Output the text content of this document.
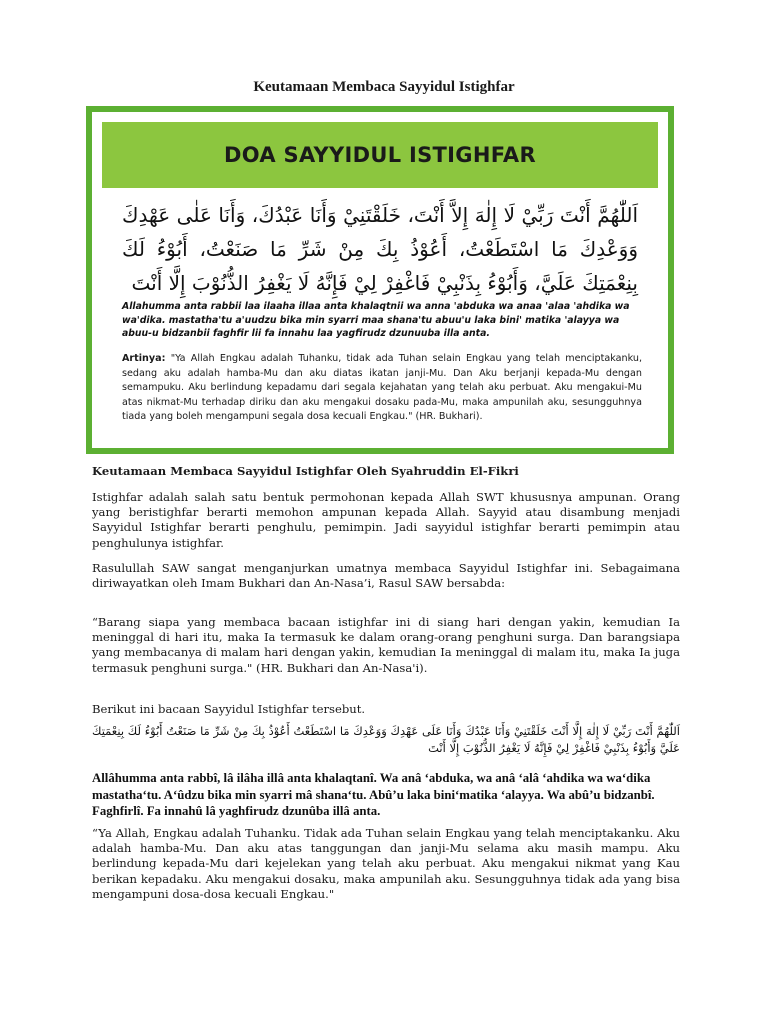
Keutamaan Membaca Sayyidul Istighfar
DOA SAYYIDUL ISTIGHFAR
اَللّٰهُمَّ أَنْتَ رَبِّيْ لَا إِلٰهَ إِلاَّ أَنْتَ، خَلَقْتَنِيْ وَأَنَا عَبْدُكَ، وَأَنَا عَلٰى عَهْدِكَ وَوَعْدِكَ مَا اسْتَطَعْتُ، أَعُوْذُ بِكَ مِنْ شَرِّ مَا صَنَعْتُ، أَبُوْءُ لَكَ بِنِعْمَتِكَ عَلَيَّ، وَأَبُوْءُ بِذَنْبِيْ فَاغْفِرْ لِيْ فَإِنَّهُ لَا يَغْفِرُ الذُّنُوْبَ إِلَّا أَنْتَ
Allahumma anta rabbii laa ilaaha illaa anta khalaqtnii wa anna 'abduka wa anaa 'alaa 'ahdika wa wa'dika. mastatha'tu a'uudzu bika min syarri maa shana'tu abuu'u laka bini' matika 'alayya wa abuu-u bidzanbii faghfir lii fa innahu laa yagfirudz dzunuuba illa anta.
Artinya: "Ya Allah Engkau adalah Tuhanku, tidak ada Tuhan selain Engkau yang telah menciptakanku, sedang aku adalah hamba-Mu dan aku diatas ikatan janji-Mu. Dan Aku berjanji kepada-Mu dengan semampuku. Aku berlindung kepadamu dari segala kejahatan yang telah aku perbuat. Aku mengakui-Mu atas nikmat-Mu terhadap diriku dan aku mengakui dosaku pada-Mu, maka ampunilah aku, sesungguhnya tiada yang boleh mengampuni segala dosa kecuali Engkau." (HR. Bukhari).
Keutamaan Membaca Sayyidul Istighfar Oleh Syahruddin El-Fikri
Istighfar adalah salah satu bentuk permohonan kepada Allah SWT khususnya ampunan. Orang yang beristighfar berarti memohon ampunan kepada Allah. Sayyid atau disambung menjadi Sayyidul Istighfar berarti penghulu, pemimpin. Jadi sayyidul istighfar berarti pemimpin atau penghulunya istighfar.
Rasulullah SAW sangat menganjurkan umatnya membaca Sayyidul Istighfar ini. Sebagaimana diriwayatkan oleh Imam Bukhari dan An-Nasa’i, Rasul SAW bersabda:
“Barang siapa yang membaca bacaan istighfar ini di siang hari dengan yakin, kemudian Ia meninggal di hari itu, maka Ia termasuk ke dalam orang-orang penghuni surga. Dan barangsiapa yang membacanya di malam hari dengan yakin, kemudian Ia meninggal di malam itu, maka Ia juga termasuk penghuni surga." (HR. Bukhari dan An-Nasa'i).
Berikut ini bacaan Sayyidul Istighfar tersebut.
اَللّٰهُمَّ أَنْتَ رَبِّيْ لَا إِلٰهَ إِلَّا أَنْتَ خَلَقْتَنِيْ وَأَنَا عَبْدُكَ وَأَنَا عَلَى عَهْدِكَ وَوَعْدِكَ مَا اسْتَطَعْتُ أَعُوْذُ بِكَ مِنْ شَرِّ مَا صَنَعْتُ أَبُوْءُ لَكَ بِنِعْمَتِكَ عَلَيَّ وَأَبُوْءُ بِذَنْبِيْ فَاغْفِرْ لِيْ فَإِنَّهُ لَا يَغْفِرُ الذُّنُوْبَ إِلَّا أَنْتَ
Allâhumma anta rabbî, lâ ilâha illâ anta khalaqtanî. Wa anâ ‘abduka, wa anâ ‘alâ ‘ahdika wa wa‘dika mastatha‘tu. A‘ûdzu bika min syarri mâ shana‘tu. Abû’u laka bini‘matika ‘alayya. Wa abû’u bidzanbî. Faghfirlî. Fa innahû lâ yaghfirudz dzunûba illâ anta.
“Ya Allah, Engkau adalah Tuhanku. Tidak ada Tuhan selain Engkau yang telah menciptakanku. Aku adalah hamba-Mu. Dan aku atas tanggungan dan janji-Mu selama aku masih mampu. Aku berlindung kepada-Mu dari kejelekan yang telah aku perbuat. Aku mengakui nikmat yang Kau berikan kepadaku. Aku mengakui dosaku, maka ampunilah aku. Sesungguhnya tidak ada yang bisa mengampuni dosa-dosa kecuali Engkau."
